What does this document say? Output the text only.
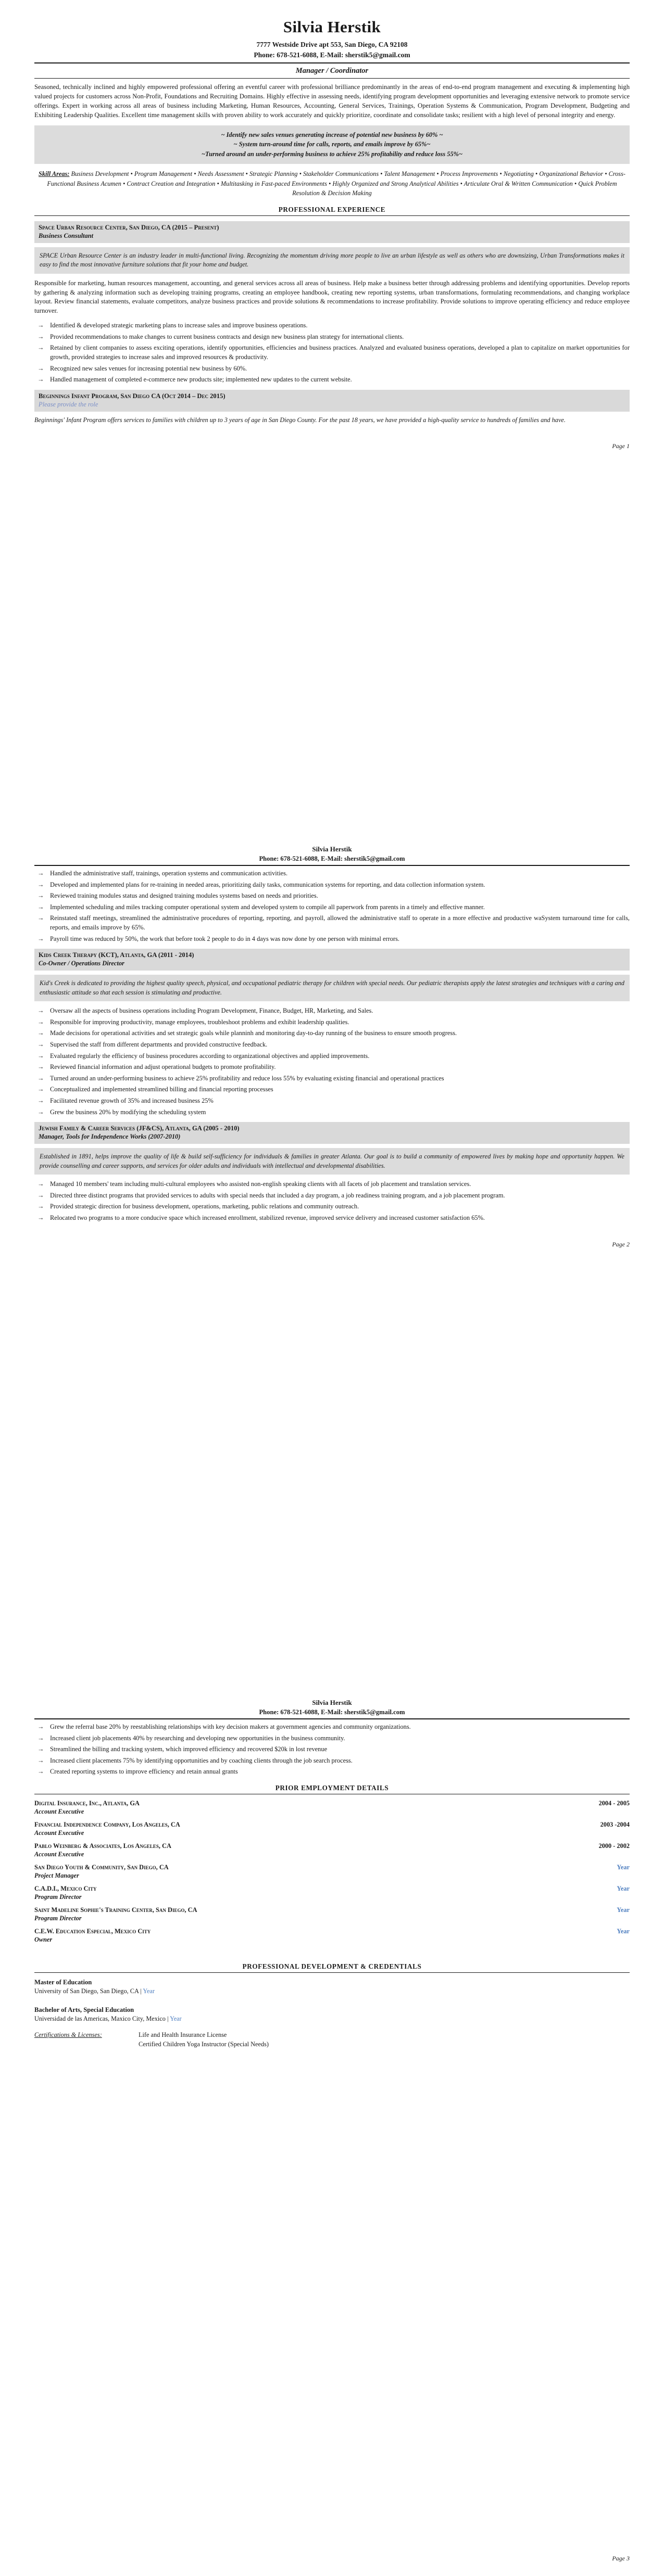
Silvia Herstik
7777 Westside Drive apt 553, San Diego, CA 92108
Phone: 678-521-6088, E-Mail: sherstik5@gmail.com
Manager / Coordinator

Seasoned, technically inclined and highly empowered professional offering an eventful career with professional brilliance predominantly in the areas of end-to-end program management and executing & implementing high valued projects for customers across Non-Profit, Foundations and Recruiting Domains. Highly effective in assessing needs, identifying program development opportunities and leveraging extensive network to promote service offerings. Expert in working across all areas of business including Marketing, Human Resources, Accounting, General Services, Trainings, Operation Systems & Communication, Program Development, Budgeting and Exhibiting Leadership Qualities. Excellent time management skills with proven ability to work accurately and quickly prioritize, coordinate and consolidate tasks; resilient with a high level of personal integrity and energy.

~ Identify new sales venues generating increase of potential new business by 60% ~
~ System turn-around time for calls, reports, and emails improve by 65%~
~Turned around an under-performing business to achieve 25% profitability and reduce loss 55%~
Skill Areas: Business Development • Program Management • Needs Assessment • Strategic Planning • Stakeholder Communications • Talent Management • Process Improvements • Negotiating • Organizational Behavior • Cross-Functional Business Acumen • Contract Creation and Integration • Multitasking in Fast-paced Environments • Highly Organized and Strong Analytical Abilities • Articulate Oral & Written Communication • Quick Problem Resolution & Decision Making
PROFESSIONAL EXPERIENCE
Space Urban Resource Center, San Diego, CA (2015 – Present)
Business Consultant
SPACE Urban Resource Center is an industry leader in multi-functional living. Recognizing the momentum driving more people to live an urban lifestyle as well as others who are downsizing, Urban Transformations makes it easy to find the most innovative furniture solutions that fit your home and budget.

Responsible for marketing, human resources management, accounting, and general services across all areas of business. Help make a business better through addressing problems and identifying opportunities. Develop reports by gathering & analyzing information such as developing training programs, creating an employee handbook, creating new reporting systems, urban transformations, formulating recommendations, and changing workplace layout. Review financial statements, evaluate competitors, analyze business practices and provide solutions & recommendations to increase profitability. Provide solutions to improve operating efficiency and reduce employee turnover.

→ Identified & developed strategic marketing plans to increase sales and improve business operations.
→ Provided recommendations to make changes to current business contracts and design new business plan strategy for international clients.
→ Retained by client companies to assess exciting operations, identify opportunities, efficiencies and business practices. Analyzed and evaluated business operations, developed a plan to capitalize on market opportunities for growth, provided strategies to increase sales and improved resources & productivity.
→ Recognized new sales venues for increasing potential new business by 60%.
→ Handled management of completed e-commerce new products site; implemented new updates to the current website.
Beginnings Infant Program, San Diego CA (Oct 2014 – Dec 2015)
Please provide the role

Beginnings' Infant Program offers services to families with children up to 3 years of age in San Diego County. For the past 18 years, we have provided a high-quality service to hundreds of families and have.

Page 1
Silvia Herstik
Phone: 678-521-6088, E-Mail: sherstik5@gmail.com
→ Handled the administrative staff, trainings, operation systems and communication activities.
→ Developed and implemented plans for re-training in needed areas, prioritizing daily tasks, communication systems for reporting, and data collection information system.
→ Reviewed training modules status and designed training modules systems based on needs and priorities.
→ Implemented scheduling and miles tracking computer operational system and developed system to compile all paperwork from parents in a timely and effective manner.
→ Reinstated staff meetings, streamlined the administrative procedures of reporting, reporting, and payroll, allowed the administrative staff to operate in a more effective and productive waSystem turnaround time for calls, reports, and emails improve by 65%.
→ Payroll time was reduced by 50%, the work that before took 2 people to do in 4 days was now done by one person with minimal errors.
Kids Creek Therapy (KCT), Atlanta, GA (2011 - 2014)
Co-Owner / Operations Director
Kid's Creek is dedicated to providing the highest quality speech, physical, and occupational pediatric therapy for children with special needs. Our pediatric therapists apply the latest strategies and techniques with a caring and enthusiastic attitude so that each session is stimulating and productive.
→ Oversaw all the aspects of business operations including Program Development, Finance, Budget, HR, Marketing, and Sales.
→ Responsible for improving productivity, manage employees, troubleshoot problems and exhibit leadership qualities.
→ Made decisions for operational activities and set strategic goals while planninh and monitoring day-to-day running of the business to ensure smooth progress.
→ Supervised the staff from different departments and provided constructive feedback.
→ Evaluated regularly the efficiency of business procedures according to organizational objectives and applied improvements.
→ Reviewed financial information and adjust operational budgets to promote profitability.
→ Turned around an under-performing business to achieve 25% profitability and reduce loss 55% by evaluating existing financial and operational practices
→ Conceptualized and implemented streamlined billing and financial reporting processes
→ Facilitated revenue growth of 35% and increased business 25%
→ Grew the business 20% by modifying the scheduling system
Jewish Family & Career Services (JF&CS), Atlanta, GA (2005 - 2010)
Manager, Tools for Independence Works (2007-2010)
Established in 1891, helps improve the quality of life & build self-sufficiency for individuals & families in greater Atlanta. Our goal is to build a community of empowered lives by making hope and opportunity happen. We provide counselling and career supports, and services for older adults and individuals with intellectual and developmental disabilities.
→ Managed 10 members' team including multi-cultural employees who assisted non-english speaking clients with all facets of job placement and translation services.
→ Directed three distinct programs that provided services to adults with special needs that included a day program, a job readiness training program, and a job placement program.
→ Provided strategic direction for business development, operations, marketing, public relations and community outreach.
→ Relocated two programs to a more conducive space which increased enrollment, stabilized revenue, improved service delivery and increased customer satisfaction 65%.
Page 2
Silvia Herstik
Phone: 678-521-6088, E-Mail: sherstik5@gmail.com
→ Grew the referral base 20% by reestablishing relationships with key decision makers at government agencies and community organizations.
→ Increased client job placements 40% by researching and developing new opportunities in the business community.
→ Streamlined the billing and tracking system, which improved efficiency and recovered $20k in lost revenue
→ Increased client placements 75% by identifying opportunities and by coaching clients through the job search process.
→ Created reporting systems to improve efficiency and retain annual grants
PRIOR EMPLOYMENT DETAILS
Digital Insurance, Inc., Atlanta, GA
Account Executive
2004 - 2005
Financial Independence Company, Los Angeles, CA
Account Executive
2003 -2004
Pablo Weinberg & Associates, Los Angeles, CA
Account Executive
2000 - 2002
San Diego Youth & Community, San Diego, CA
Project Manager
Year
C.A.D.I., Mexico City
Program Director
Year
Saint Madeline Sophie's Training Center, San Diego, CA
Program Director
Year
C.E.W. Education Especial, Mexico City
Owner
Year
PROFESSIONAL DEVELOPMENT & CREDENTIALS
Master of Education
University of San Diego, San Diego, CA | Year
Bachelor of Arts, Special Education
Universidad de las Americas, Maxico City, Mexico | Year
Certifications & Licenses:	Life and Health Insurance License
Certified Children Yoga Instructor (Special Needs)
Page 3
